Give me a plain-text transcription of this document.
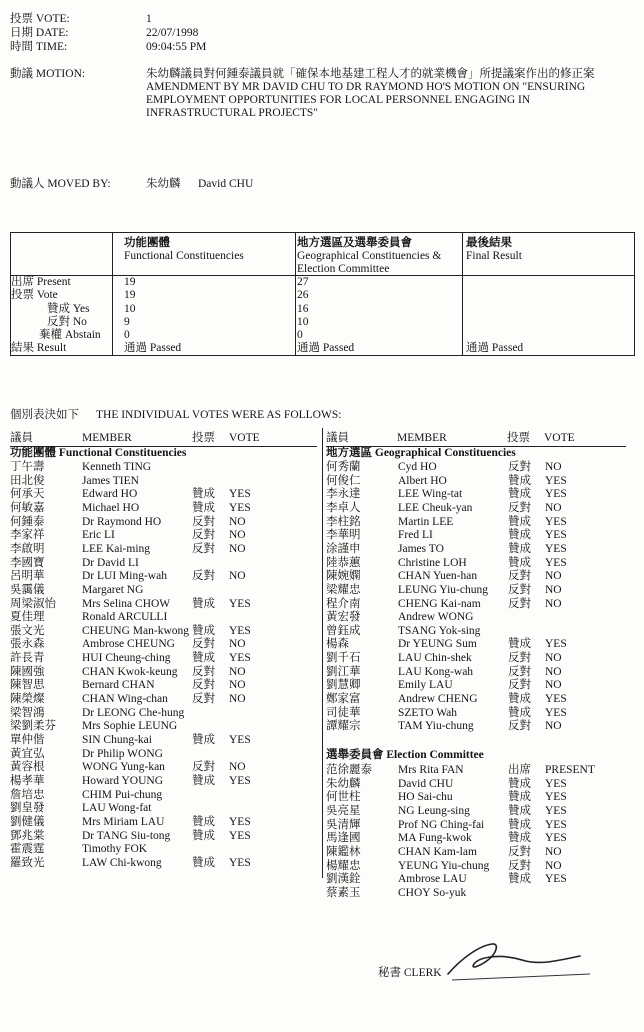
投票 VOTE:	1
日期 DATE:	22/07/1998
時間 TIME:	09:04:55 PM
動議 MOTION:	朱幼麟議員對何鍾泰議員就「確保本地基建工程人才的就業機會」所提議案作出的修正案
AMENDMENT BY MR DAVID CHU TO DR RAYMOND HO'S MOTION ON "ENSURING EMPLOYMENT OPPORTUNITIES FOR LOCAL PERSONNEL ENGAGING IN INFRASTRUCTURAL PROJECTS"
動議人 MOVED BY:	朱幼麟 David CHU
功能團體
Functional Constituencies
地方選區及選舉委員會
Geographical Constituencies & Election Committee
最後結果
Final Result
出席 Present	19	27
投票 Vote	19	26
贊成 Yes	10	16
反對 No	9	10
棄權 Abstain 0	0
結果 Result	通過 Passed	通過 Passed	通過 Passed
個別表決如下 THE INDIVIDUAL VOTES WERE AS FOLLOWS:
議員	MEMBER	投票 VOTE	議員	MEMBER	投票 VOTE
功能團體 Functional Constituencies	地方選區 Geographical Constituencies
選舉委員會 Election Committee
丁午壽	Kenneth TING
田北俊	James TIEN
何承天	Edward HO	贊成 YES
何敏嘉	Michael HO	贊成 YES
何鍾泰	Dr Raymond HO	反對 NO
李家祥	Eric LI	反對 NO
李啟明	LEE Kai-ming	反對 NO
李國寶	Dr David LI
呂明華	Dr LUI Ming-wah 反對 NO
吳靄儀	Margaret NG
周梁淑怡 Mrs Selina CHOW 贊成 YES
夏佳理	Ronald ARCULLI
張文光	CHEUNG Man-kwong 贊成 YES
張永森	Ambrose CHEUNG 反對 NO
許長青	HUI Cheung-ching 贊成 YES
陳國強	CHAN Kwok-keung 反對 NO
陳智思	Bernard CHAN	反對 NO
陳榮燦	CHAN Wing-chan 反對 NO
梁智鴻	Dr LEONG Che-hung
梁劉柔芬 Mrs Sophie LEUNG
單仲偕	SIN Chung-kai	贊成 YES
黃宜弘	Dr Philip WONG
黃容根	WONG Yung-kan 反對 NO
楊孝華	Howard YOUNG	贊成 YES
詹培忠	CHIM Pui-chung
劉皇發	LAU Wong-fat
劉健儀	Mrs Miriam LAU 贊成 YES
鄧兆棠	Dr TANG Siu-tong 贊成 YES
霍震霆	Timothy FOK
羅致光	LAW Chi-kwong	贊成 YES
何秀蘭	Cyd HO	反對 NO
何俊仁	Albert HO	贊成 YES
李永達	LEE Wing-tat	贊成 YES
李卓人	LEE Cheuk-yan	反對 NO
李柱銘	Martin LEE	贊成 YES
李華明	Fred LI	贊成 YES
涂謹申	James TO	贊成 YES
陸恭蕙	Christine LOH	贊成 YES
陳婉嫻	CHAN Yuen-han	反對 NO
梁耀忠	LEUNG Yiu-chung 反對 NO
程介南	CHENG Kai-nam 反對 NO
黃宏發	Andrew WONG
曾鈺成	TSANG Yok-sing
楊森	Dr YEUNG Sum	贊成 YES
劉千石	LAU Chin-shek	反對 NO
劉江華	LAU Kong-wah	反對 NO
劉慧卿	Emily LAU	反對 NO
鄭家富	Andrew CHENG	贊成 YES
司徒華	SZETO Wah	贊成 YES
譚耀宗	TAM Yiu-chung	反對 NO
范徐麗泰 Mrs Rita FAN	出席 PRESENT
朱幼麟	David CHU	贊成 YES
何世柱	HO Sai-chu	贊成 YES
吳亮星	NG Leung-sing	贊成 YES
吳清輝	Prof NG Ching-fai 贊成 YES
馬逢國	MA Fung-kwok	贊成 YES
陳鑑林	CHAN Kam-lam	反對 NO
楊耀忠	YEUNG Yiu-chung 反對 NO
劉漢銓	Ambrose LAU	贊成 YES
蔡素玉	CHOY So-yuk
秘書 CLERK
